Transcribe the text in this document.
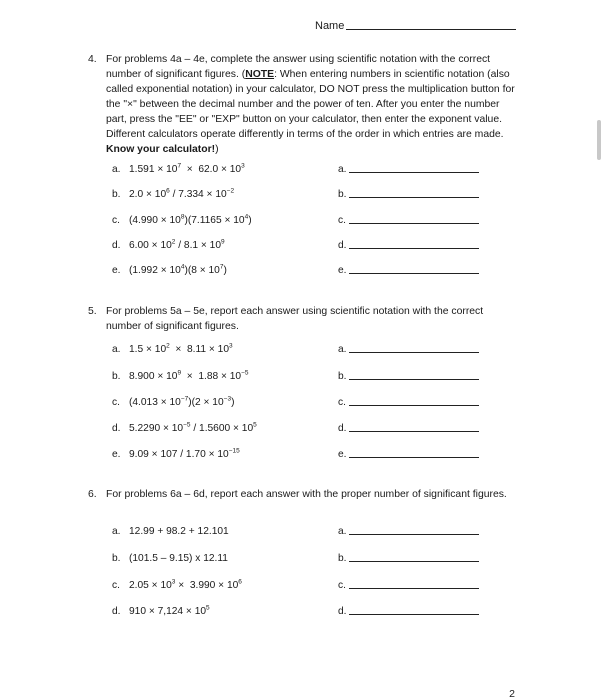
Name
4. For problems 4a – 4e, complete the answer using scientific notation with the correct number of significant figures. (NOTE: When entering numbers in scientific notation (also called exponential notation) in your calculator, DO NOT press the multiplication button for the "×" between the decimal number and the power of ten. After you enter the number part, press the "EE" or "EXP" button on your calculator, then enter the exponent value. Different calculators operate differently in terms of the order in which entries are made. Know your calculator!)
a. $1.591 \times 10^7 \times 62.0 \times 10^3$
b. $2.0 \times 10^6 / 7.334 \times 10^{-2}$
c. $(4.990 \times 10^8)(7.1165 \times 10^4)$
d. $6.00 \times 10^2 / 8.1 \times 10^9$
e. $(1.992 \times 10^4)(8 \times 10^7)$
a.
b.
c.
d.
e.
5. For problems 5a – 5e, report each answer using scientific notation with the correct number of significant figures.
a. $1.5 \times 10^2 \times 8.11 \times 10^3$
b. $8.900 \times 10^9 \times 1.88 \times 10^{-5}$
c. $(4.013 \times 10^{-7})(2 \times 10^{-3})$
d. $5.2290 \times 10^{-5} / 1.5600 \times 10^5$
e. $9.09 \times 107 / 1.70 \times 10^{-15}$
a.
b.
c.
d.
e.
6. For problems 6a – 6d, report each answer with the proper number of significant figures.
a. 12.99 + 98.2 + 12.101
b. (101.5 – 9.15) x 12.11
c. $2.05 \times 10^3 \times 3.990 \times 10^6$
d. $910 \times 7,124 \times 10^5$
a.
b.
c.
d.
2
